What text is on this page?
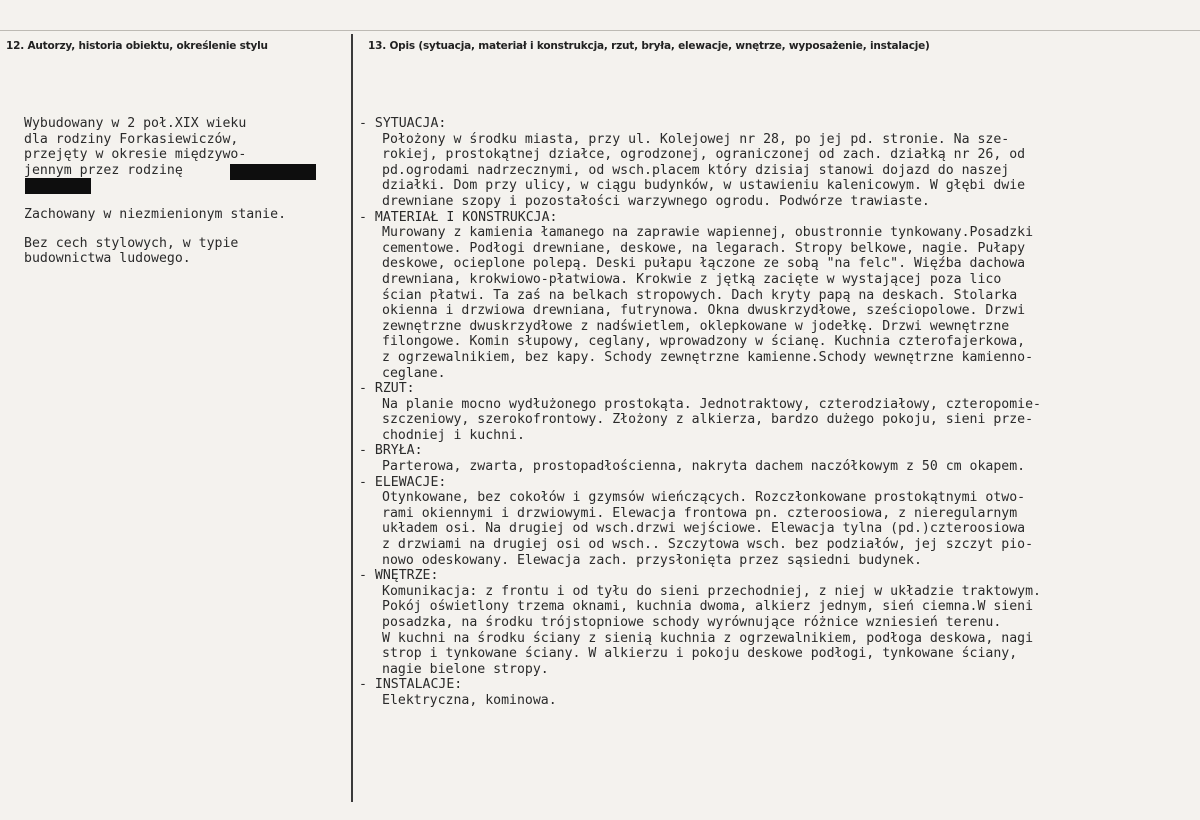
12. Autorzy, historia obiektu, określenie stylu	13. Opis (sytuacja, materiał i konstrukcja, rzut, bryła, elewacje, wnętrze, wyposażenie, instalacje)
Wybudowany w 2 poł.XIX wieku
dla rodziny Forkasiewiczów,
przejęty w okresie międzywo-
jennym przez rodzinę

Zachowany w niezmienionym stanie.
Bez cech stylowych, w typie
budownictwa ludowego.
- SYTUACJA:
Położony w środku miasta, przy ul. Kolejowej nr 28, po jej pd. stronie. Na sze-
rokiej, prostokątnej działce, ogrodzonej, ograniczonej od zach. działką nr 26, od
pd.ogrodami nadrzecznymi, od wsch.placem który dzisiaj stanowi dojazd do naszej
działki. Dom przy ulicy, w ciągu budynków, w ustawieniu kalenicowym. W głębi dwie
drewniane szopy i pozostałości warzywnego ogrodu. Podwórze trawiaste.
- MATERIAŁ I KONSTRUKCJA:
Murowany z kamienia łamanego na zaprawie wapiennej, obustronnie tynkowany.Posadzki
cementowe. Podłogi drewniane, deskowe, na legarach. Stropy belkowe, nagie. Pułapy
deskowe, ocieplone polepą. Deski pułapu łączone ze sobą "na felc". Więźba dachowa
drewniana, krokwiowo-płatwiowa. Krokwie z jętką zacięte w wystającej poza lico
ścian płatwi. Ta zaś na belkach stropowych. Dach kryty papą na deskach. Stolarka
okienna i drzwiowa drewniana, futrynowa. Okna dwuskrzydłowe, sześciopolowe. Drzwi
zewnętrzne dwuskrzydłowe z nadświetlem, oklepkowane w jodełkę. Drzwi wewnętrzne
filongowe. Komin słupowy, ceglany, wprowadzony w ścianę. Kuchnia czterofajerkowa,
z ogrzewalnikiem, bez kapy. Schody zewnętrzne kamienne.Schody wewnętrzne kamienno-
ceglane.
- RZUT:
Na planie mocno wydłużonego prostokąta. Jednotraktowy, czterodziałowy, czteropomie-
szczeniowy, szerokofrontowy. Złożony z alkierza, bardzo dużego pokoju, sieni prze-
chodniej i kuchni.
- BRYŁA:
Parterowa, zwarta, prostopadłościenna, nakryta dachem naczółkowym z 50 cm okapem.
- ELEWACJE:
Otynkowane, bez cokołów i gzymsów wieńczących. Rozczłonkowane prostokątnymi otwo-
rami okiennymi i drzwiowymi. Elewacja frontowa pn. czteroosiowa, z nieregularnym
układem osi. Na drugiej od wsch.drzwi wejściowe. Elewacja tylna (pd.)czteroosiowa
z drzwiami na drugiej osi od wsch.. Szczytowa wsch. bez podziałów, jej szczyt pio-
nowo odeskowany. Elewacja zach. przysłonięta przez sąsiedni budynek.
- WNĘTRZE:
Komunikacja: z frontu i od tyłu do sieni przechodniej, z niej w układzie traktowym.
Pokój oświetlony trzema oknami, kuchnia dwoma, alkierz jednym, sień ciemna.W sieni
posadzka, na środku trójstopniowe schody wyrównujące różnice wzniesień terenu.
W kuchni na środku ściany z sienią kuchnia z ogrzewalnikiem, podłoga deskowa, nagi
strop i tynkowane ściany. W alkierzu i pokoju deskowe podłogi, tynkowane ściany,
nagie bielone stropy.
- INSTALACJE:
Elektryczna, kominowa.
